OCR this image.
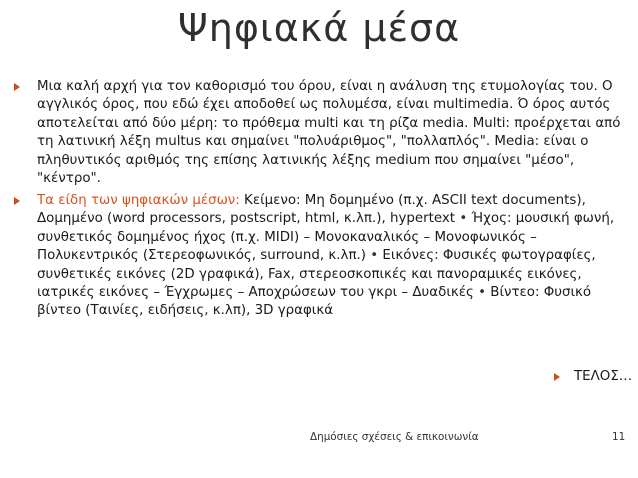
Ψηφιακά μέσα
Μια καλή αρχή για τον καθορισμό του όρου, είναι η ανάλυση της ετυμολογίας του. Ο αγγλικός όρος, που εδώ έχει αποδοθεί ως πολυμέσα, είναι multimedia. Ό όρος αυτός αποτελείται από δύο μέρη: το πρόθεμα multi και τη ρίζα media. Multi: προέρχεται από τη λατινική λέξη multus και σημαίνει "πολυάριθμος", "πολλαπλός". Media: είναι ο πληθυντικός αριθμός της επίσης λατινικής λέξης medium που σημαίνει "μέσο", "κέντρο".
Τα είδη των ψηφιακών μέσων: Κείμενο: Μη δομημένο (π.χ. ASCII text documents), Δομημένο (word processors, postscript, html, κ.λπ.), hypertext • Ήχος: μουσική φωνή, συνθετικός δομημένος ήχος (π.χ. MIDI) – Μονοκαναλικός – Μονοφωνικός – Πολυκεντρικός (Στερεοφωνικός, surround, κ.λπ.) • Εικόνες: Φυσικές φωτογραφίες, συνθετικές εικόνες (2D γραφικά), Fax, στερεοσκοπικές και πανοραμικές εικόνες, ιατρικές εικόνες – Έγχρωμες – Αποχρώσεων του γκρι – Δυαδικές • Βίντεο: Φυσικό βίντεο (Ταινίες, ειδήσεις, κ.λπ), 3D γραφικά
ΤΕΛΟΣ…
Δημόσιες σχέσεις & επικοινωνία	11
